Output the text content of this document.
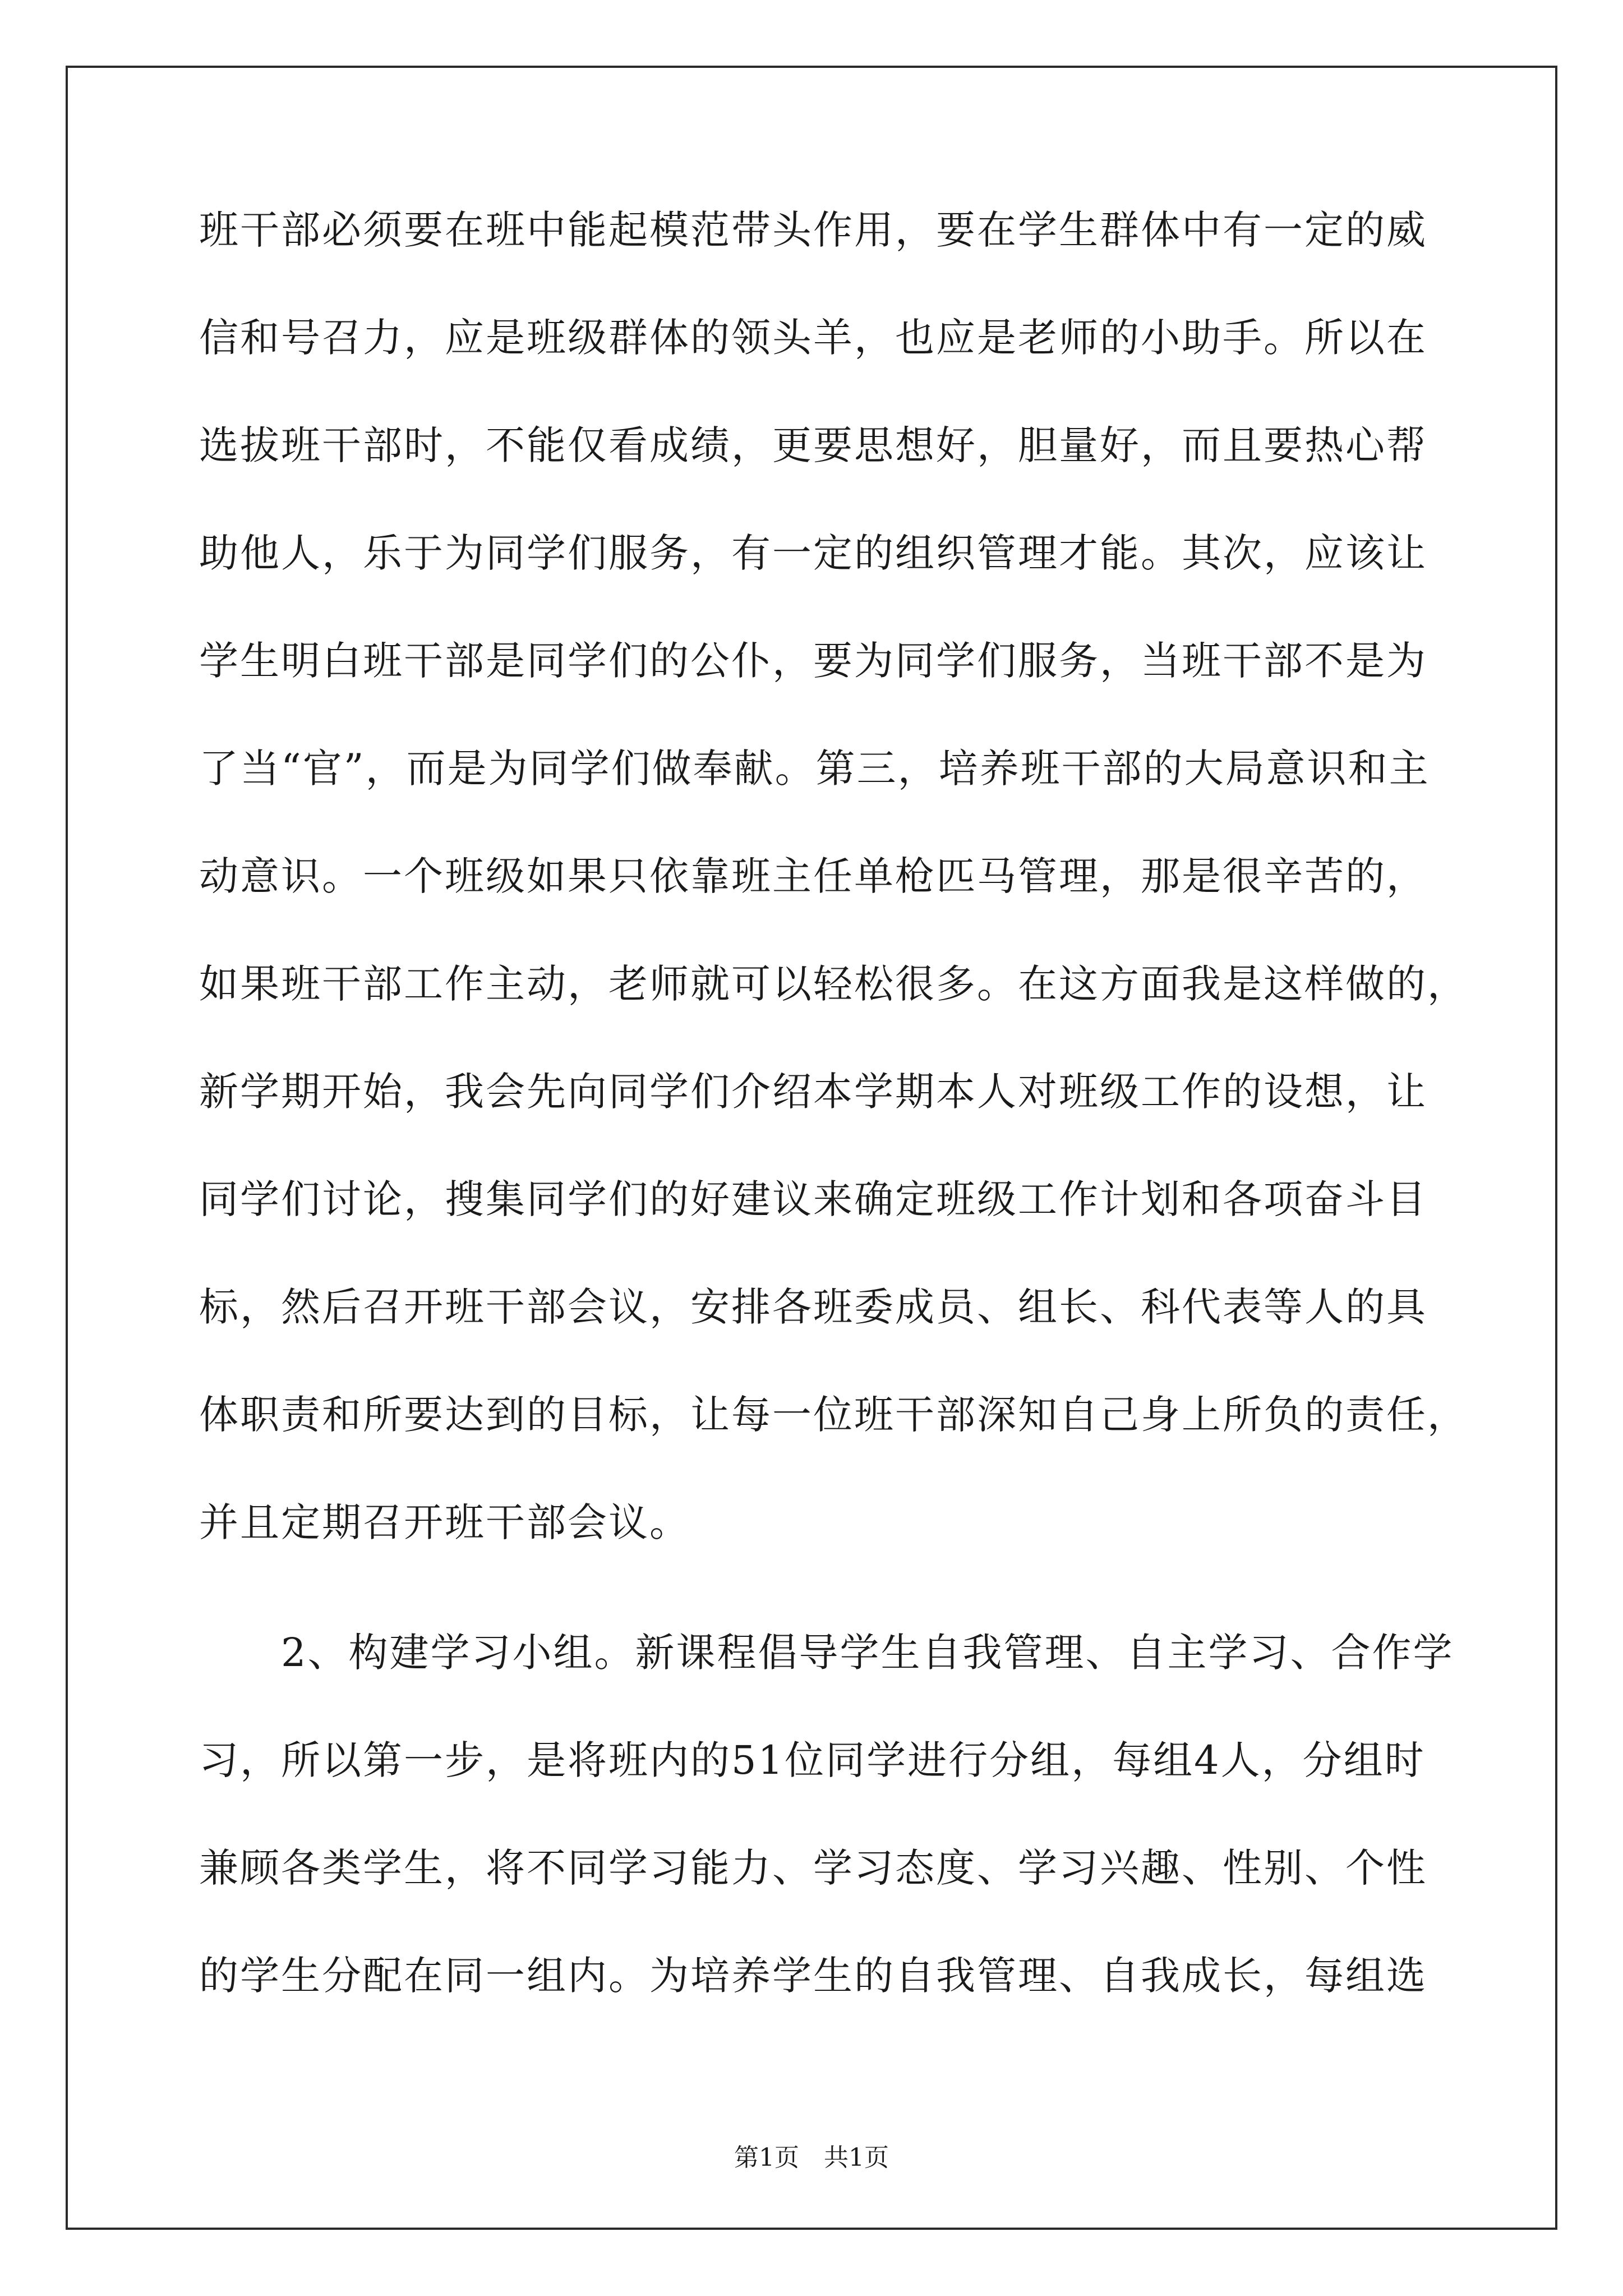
班干部必须要在班中能起模范带头作用，要在学生群体中有一定的威
信和号召力，应是班级群体的领头羊，也应是老师的小助手。所以在
选拔班干部时，不能仅看成绩，更要思想好，胆量好，而且要热心帮
助他人，乐于为同学们服务，有一定的组织管理才能。其次，应该让
学生明白班干部是同学们的公仆，要为同学们服务，当班干部不是为
了当“官”，而是为同学们做奉献。第三，培养班干部的大局意识和主
动意识。一个班级如果只依靠班主任单枪匹马管理，那是很辛苦的，
如果班干部工作主动，老师就可以轻松很多。在这方面我是这样做的，
新学期开始，我会先向同学们介绍本学期本人对班级工作的设想，让
同学们讨论，搜集同学们的好建议来确定班级工作计划和各项奋斗目
标，然后召开班干部会议，安排各班委成员、组长、科代表等人的具
体职责和所要达到的目标，让每一位班干部深知自己身上所负的责任，
并且定期召开班干部会议。
　　2、构建学习小组。新课程倡导学生自我管理、自主学习、合作学
习，所以第一步，是将班内的51位同学进行分组，每组4人，分组时
兼顾各类学生，将不同学习能力、学习态度、学习兴趣、性别、个性
的学生分配在同一组内。为培养学生的自我管理、自我成长，每组选
第1页　共1页
